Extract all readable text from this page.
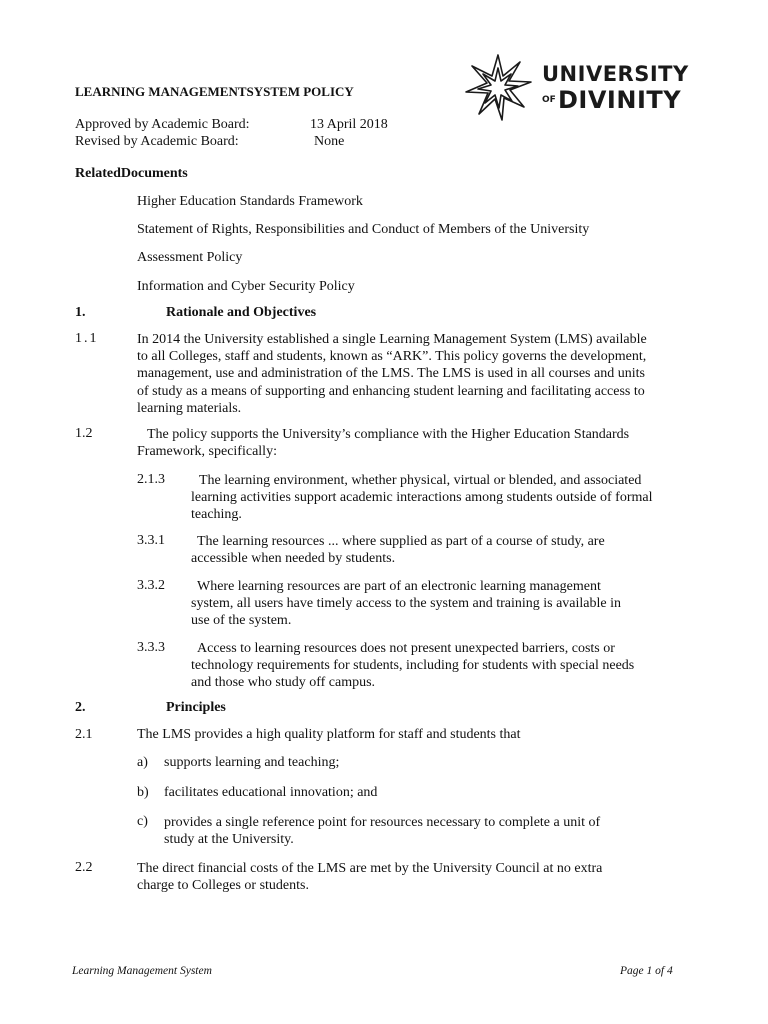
LEARNING MANAGEMENTSYSTEM POLICY
Approved by Academic Board:	13 April 2018
Revised by Academic Board:	None
UNIVERSITY
OF DIVINITY
RelatedDocuments
Higher Education Standards Framework
Statement of Rights, Responsibilities and Conduct of Members of the University
Assessment Policy
Information and Cyber Security Policy
1.	Rationale and Objectives
1.1	In 2014 the University established a single Learning Management System (LMS) available
to all Colleges, staff and students, known as “ARK”. This policy governs the development,
management, use and administration of the LMS. The LMS is used in all courses and units
of study as a means of supporting and enhancing student learning and facilitating access to
learning materials.
1.2	The policy supports the University’s compliance with the Higher Education Standards
Framework, specifically:
2.1.3 The learning environment, whether physical, virtual or blended, and associated
learning activities support academic interactions among students outside of formal
teaching.
3.3.1 The learning resources ... where supplied as part of a course of study, are
accessible when needed by students.
3.3.2 Where learning resources are part of an electronic learning management
system, all users have timely access to the system and training is available in
use of the system.
3.3.3 Access to learning resources does not present unexpected barriers, costs or
technology requirements for students, including for students with special needs
and those who study off campus.
2.	Principles
2.1	The LMS provides a high quality platform for staff and students that
a) supports learning and teaching;
b) facilitates educational innovation; and
c) provides a single reference point for resources necessary to complete a unit of
study at the University.
2.2	The direct financial costs of the LMS are met by the University Council at no extra
charge to Colleges or students.
Learning Management System	Page 1 of 4
